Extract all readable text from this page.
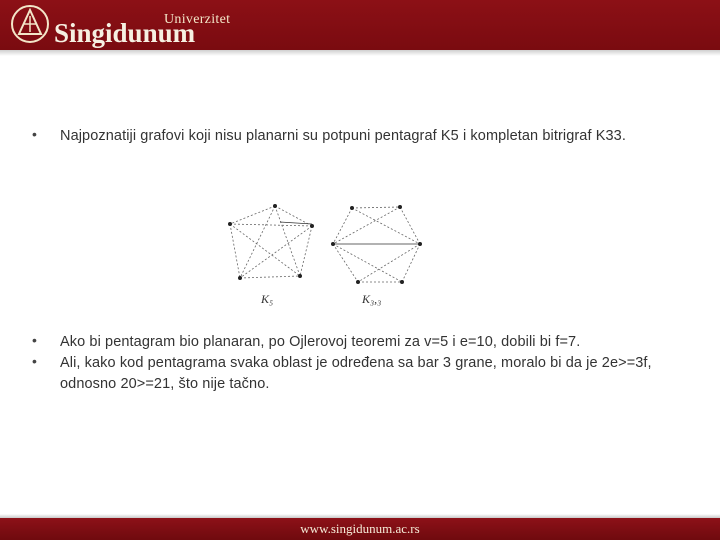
Univerzitet
Singidunum
• Najpoznatiji grafovi koji nisu planarni su potpuni pentagraf K5 i kompletan bitrigraf K33.
K₅	K₃,₃
• Ako bi pentagram bio planaran, po Ojlerovoj teoremi za v=5 i e=10, dobili bi f=7.
• Ali, kako kod pentagrama svaka oblast je određena sa bar 3 grane, moralo bi da je 2e>=3f, odnosno 20>=21, što nije tačno.
www.singidunum.ac.rs
